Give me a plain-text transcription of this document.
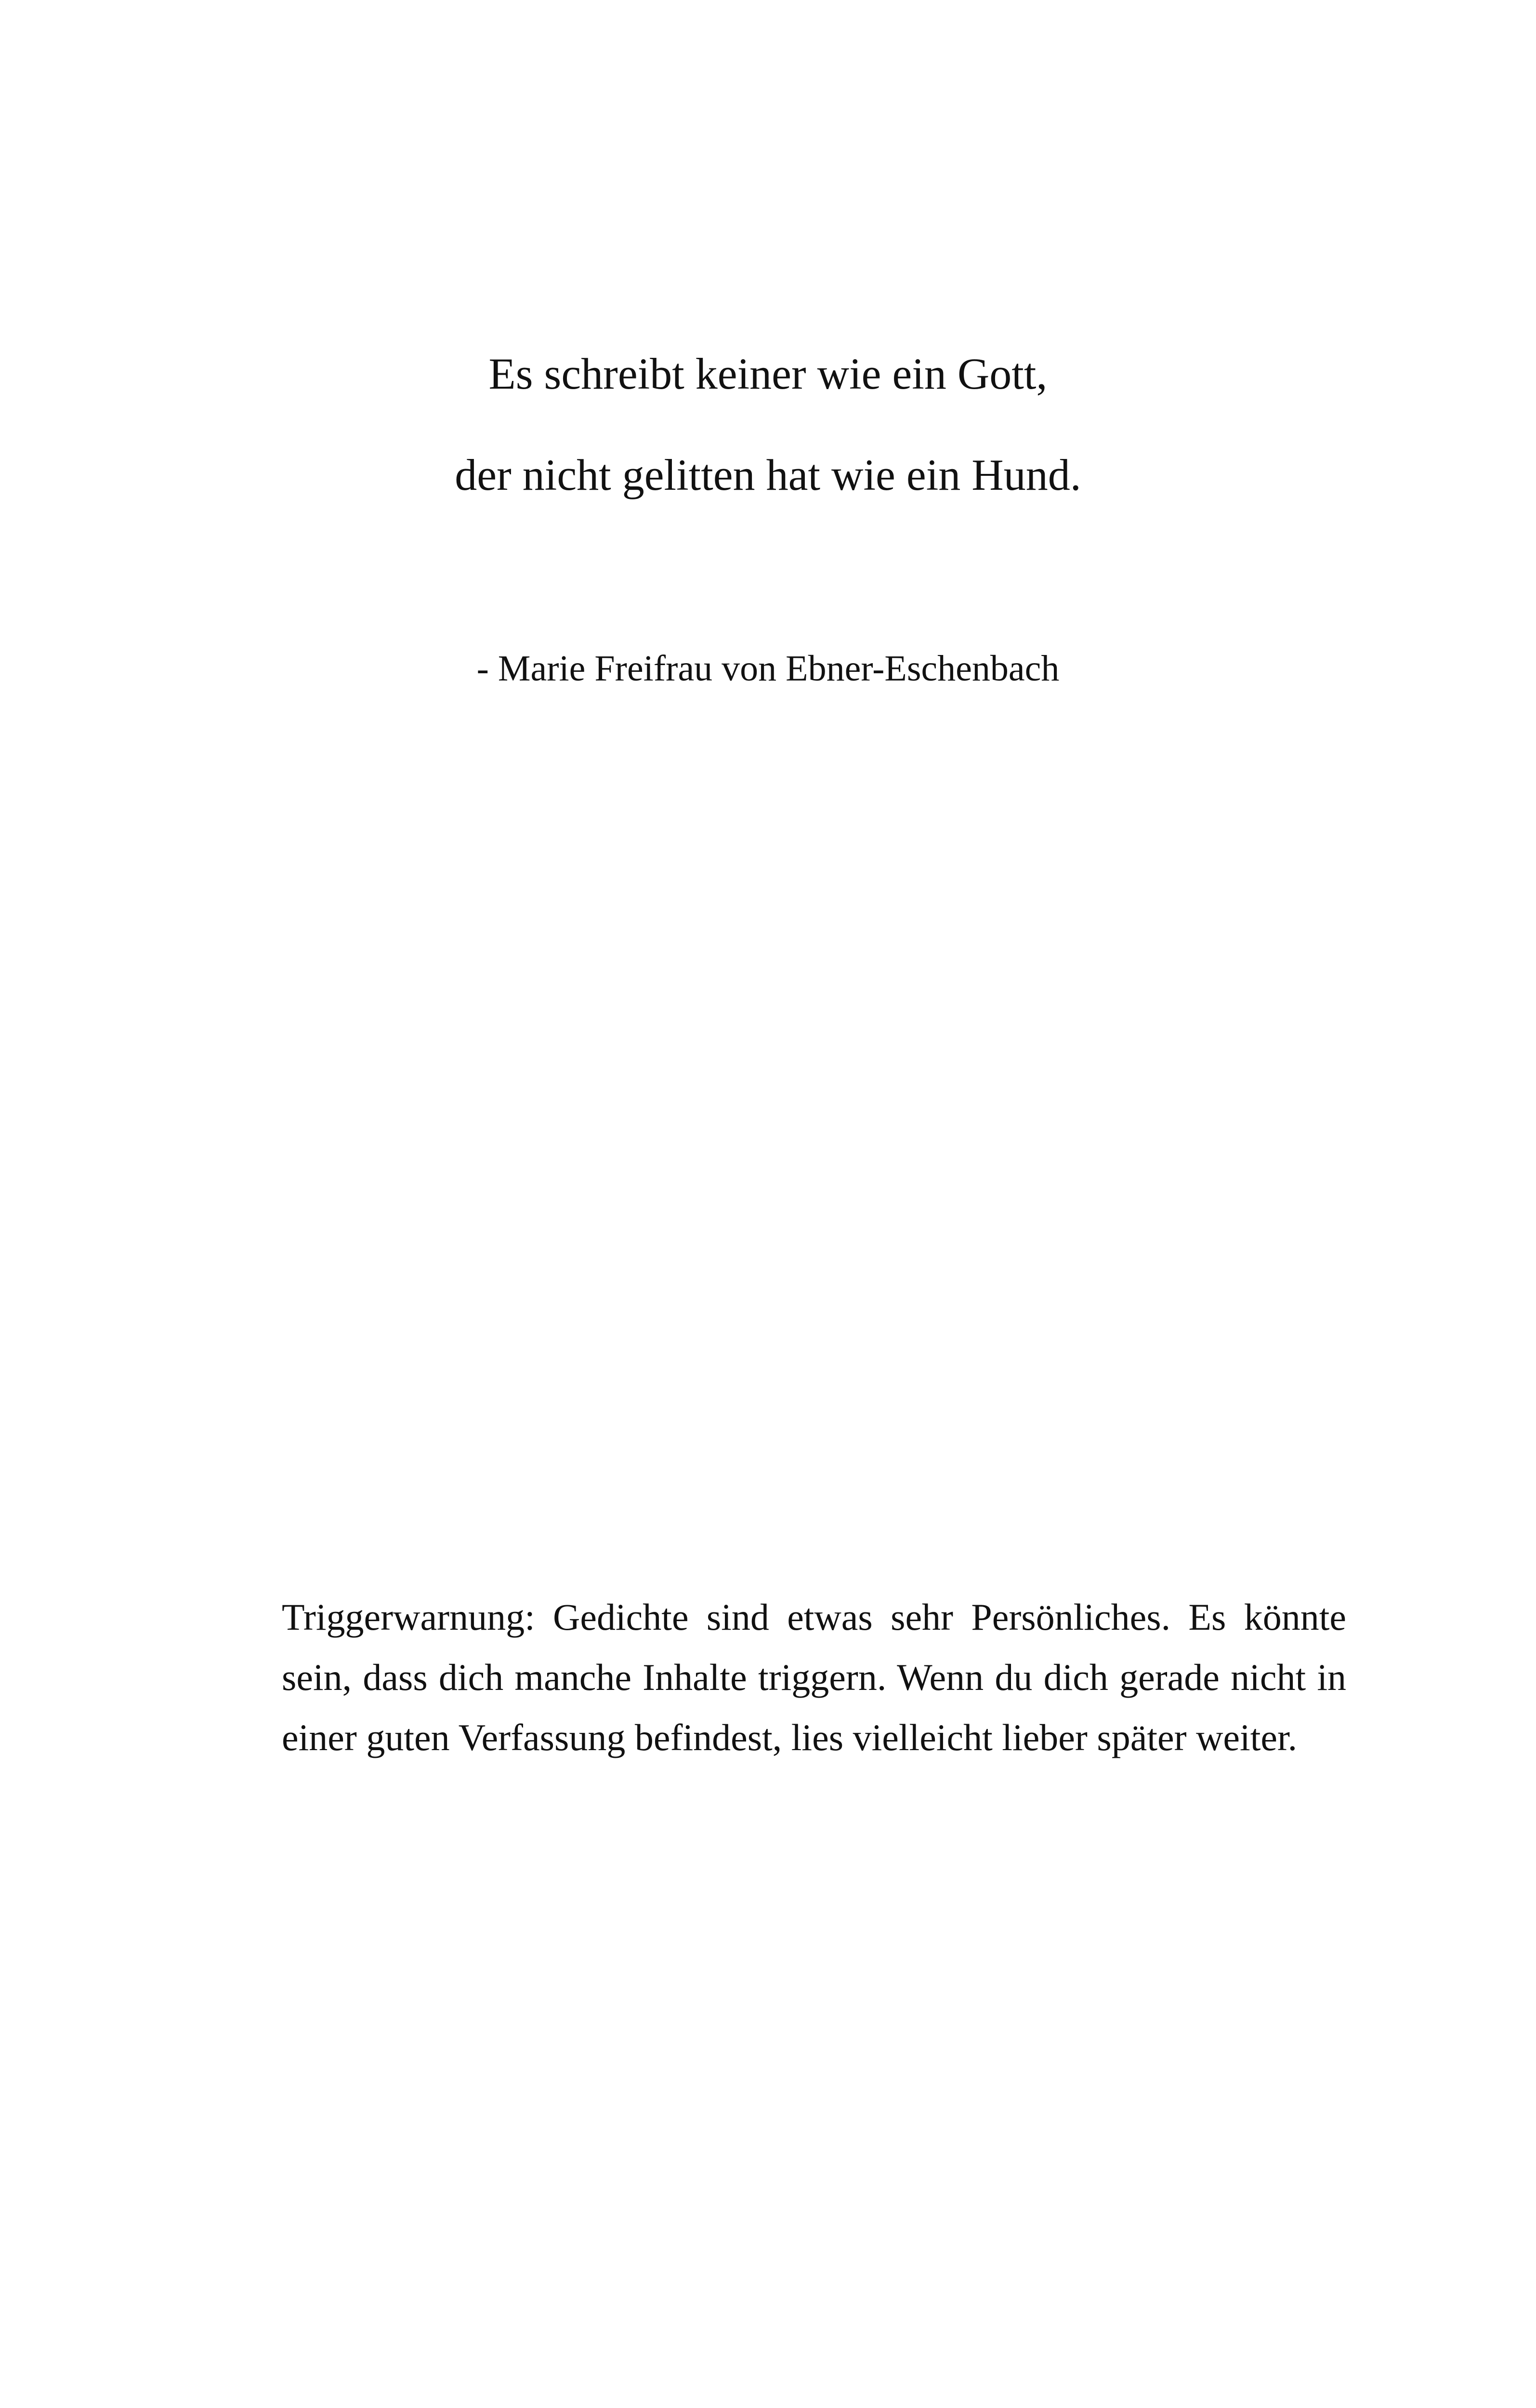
Es schreibt keiner wie ein Gott,
der nicht gelitten hat wie ein Hund.
- Marie Freifrau von Ebner-Eschenbach

Triggerwarnung: Gedichte sind etwas sehr Persönliches. Es könnte sein, dass dich manche Inhalte triggern. Wenn du dich gerade nicht in einer guten Verfassung befindest, lies vielleicht lieber später weiter.
